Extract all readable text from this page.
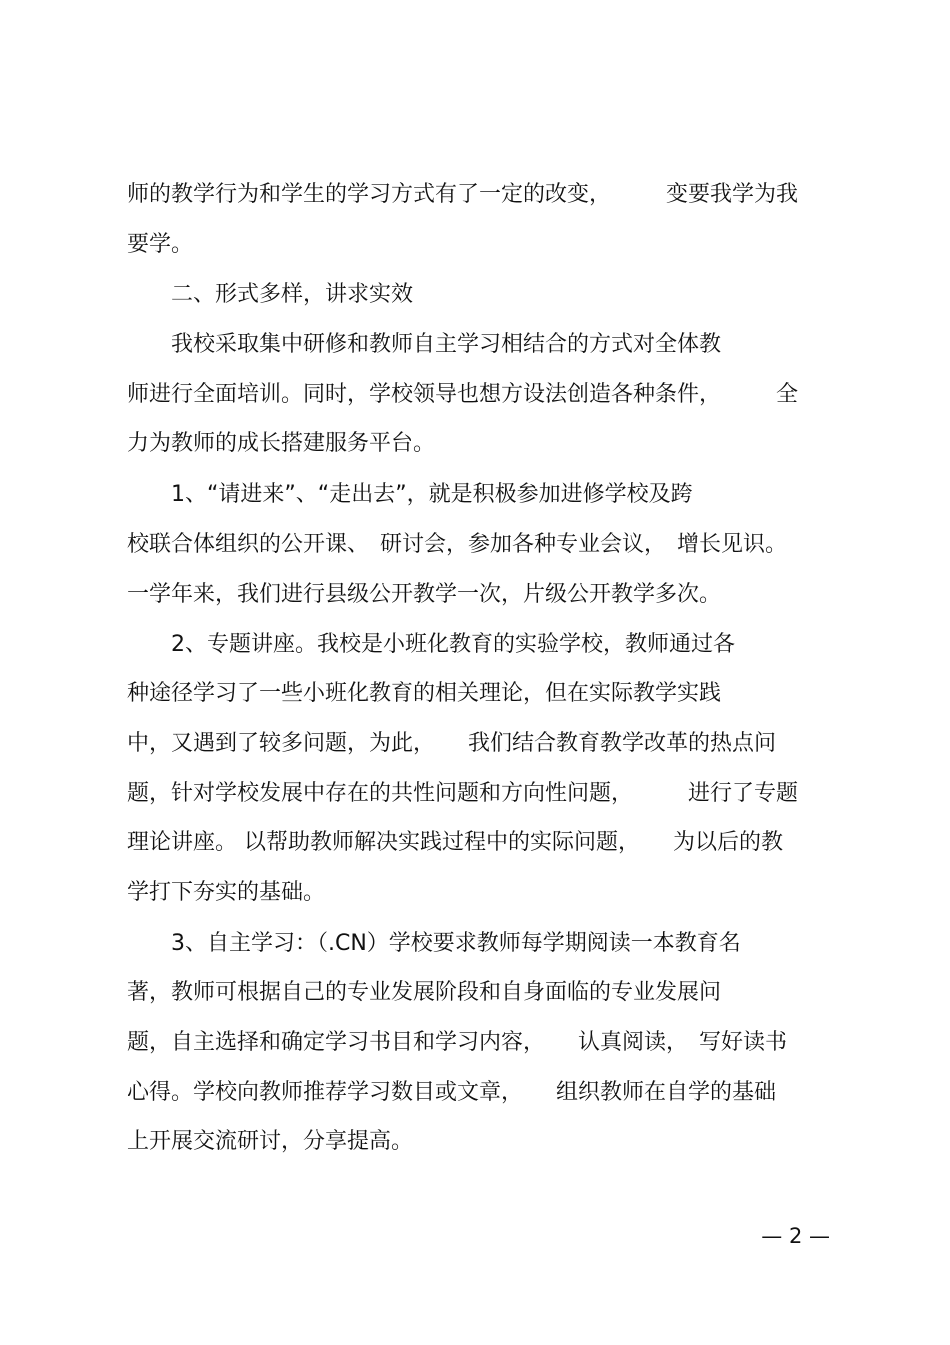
师的教学行为和学生的学习方式有了一定的改变，　　　变要我学为我
要学。
　　二、形式多样，讲求实效
　　我校采取集中研修和教师自主学习相结合的方式对全体教
师进行全面培训。同时，学校领导也想方设法创造各种条件，　　　全
力为教师的成长搭建服务平台。
　　1、“请进来”、“走出去”，就是积极参加进修学校及跨
校联合体组织的公开课、　研讨会，参加各种专业会议，　增长见识。
一学年来，我们进行县级公开教学一次，片级公开教学多次。
　　2、专题讲座。我校是小班化教育的实验学校，教师通过各
种途径学习了一些小班化教育的相关理论，但在实际教学实践
中，又遇到了较多问题，为此，　　我们结合教育教学改革的热点问
题，针对学校发展中存在的共性问题和方向性问题，　　　进行了专题
理论讲座。 以帮助教师解决实践过程中的实际问题，　　为以后的教
学打下夯实的基础。
　　3、自主学习：（.CN）学校要求教师每学期阅读一本教育名
著，教师可根据自己的专业发展阶段和自身面临的专业发展问
题，自主选择和确定学习书目和学习内容，　　认真阅读，　写好读书
心得。学校向教师推荐学习数目或文章，　　组织教师在自学的基础
上开展交流研讨，分享提高。
— 2 —
